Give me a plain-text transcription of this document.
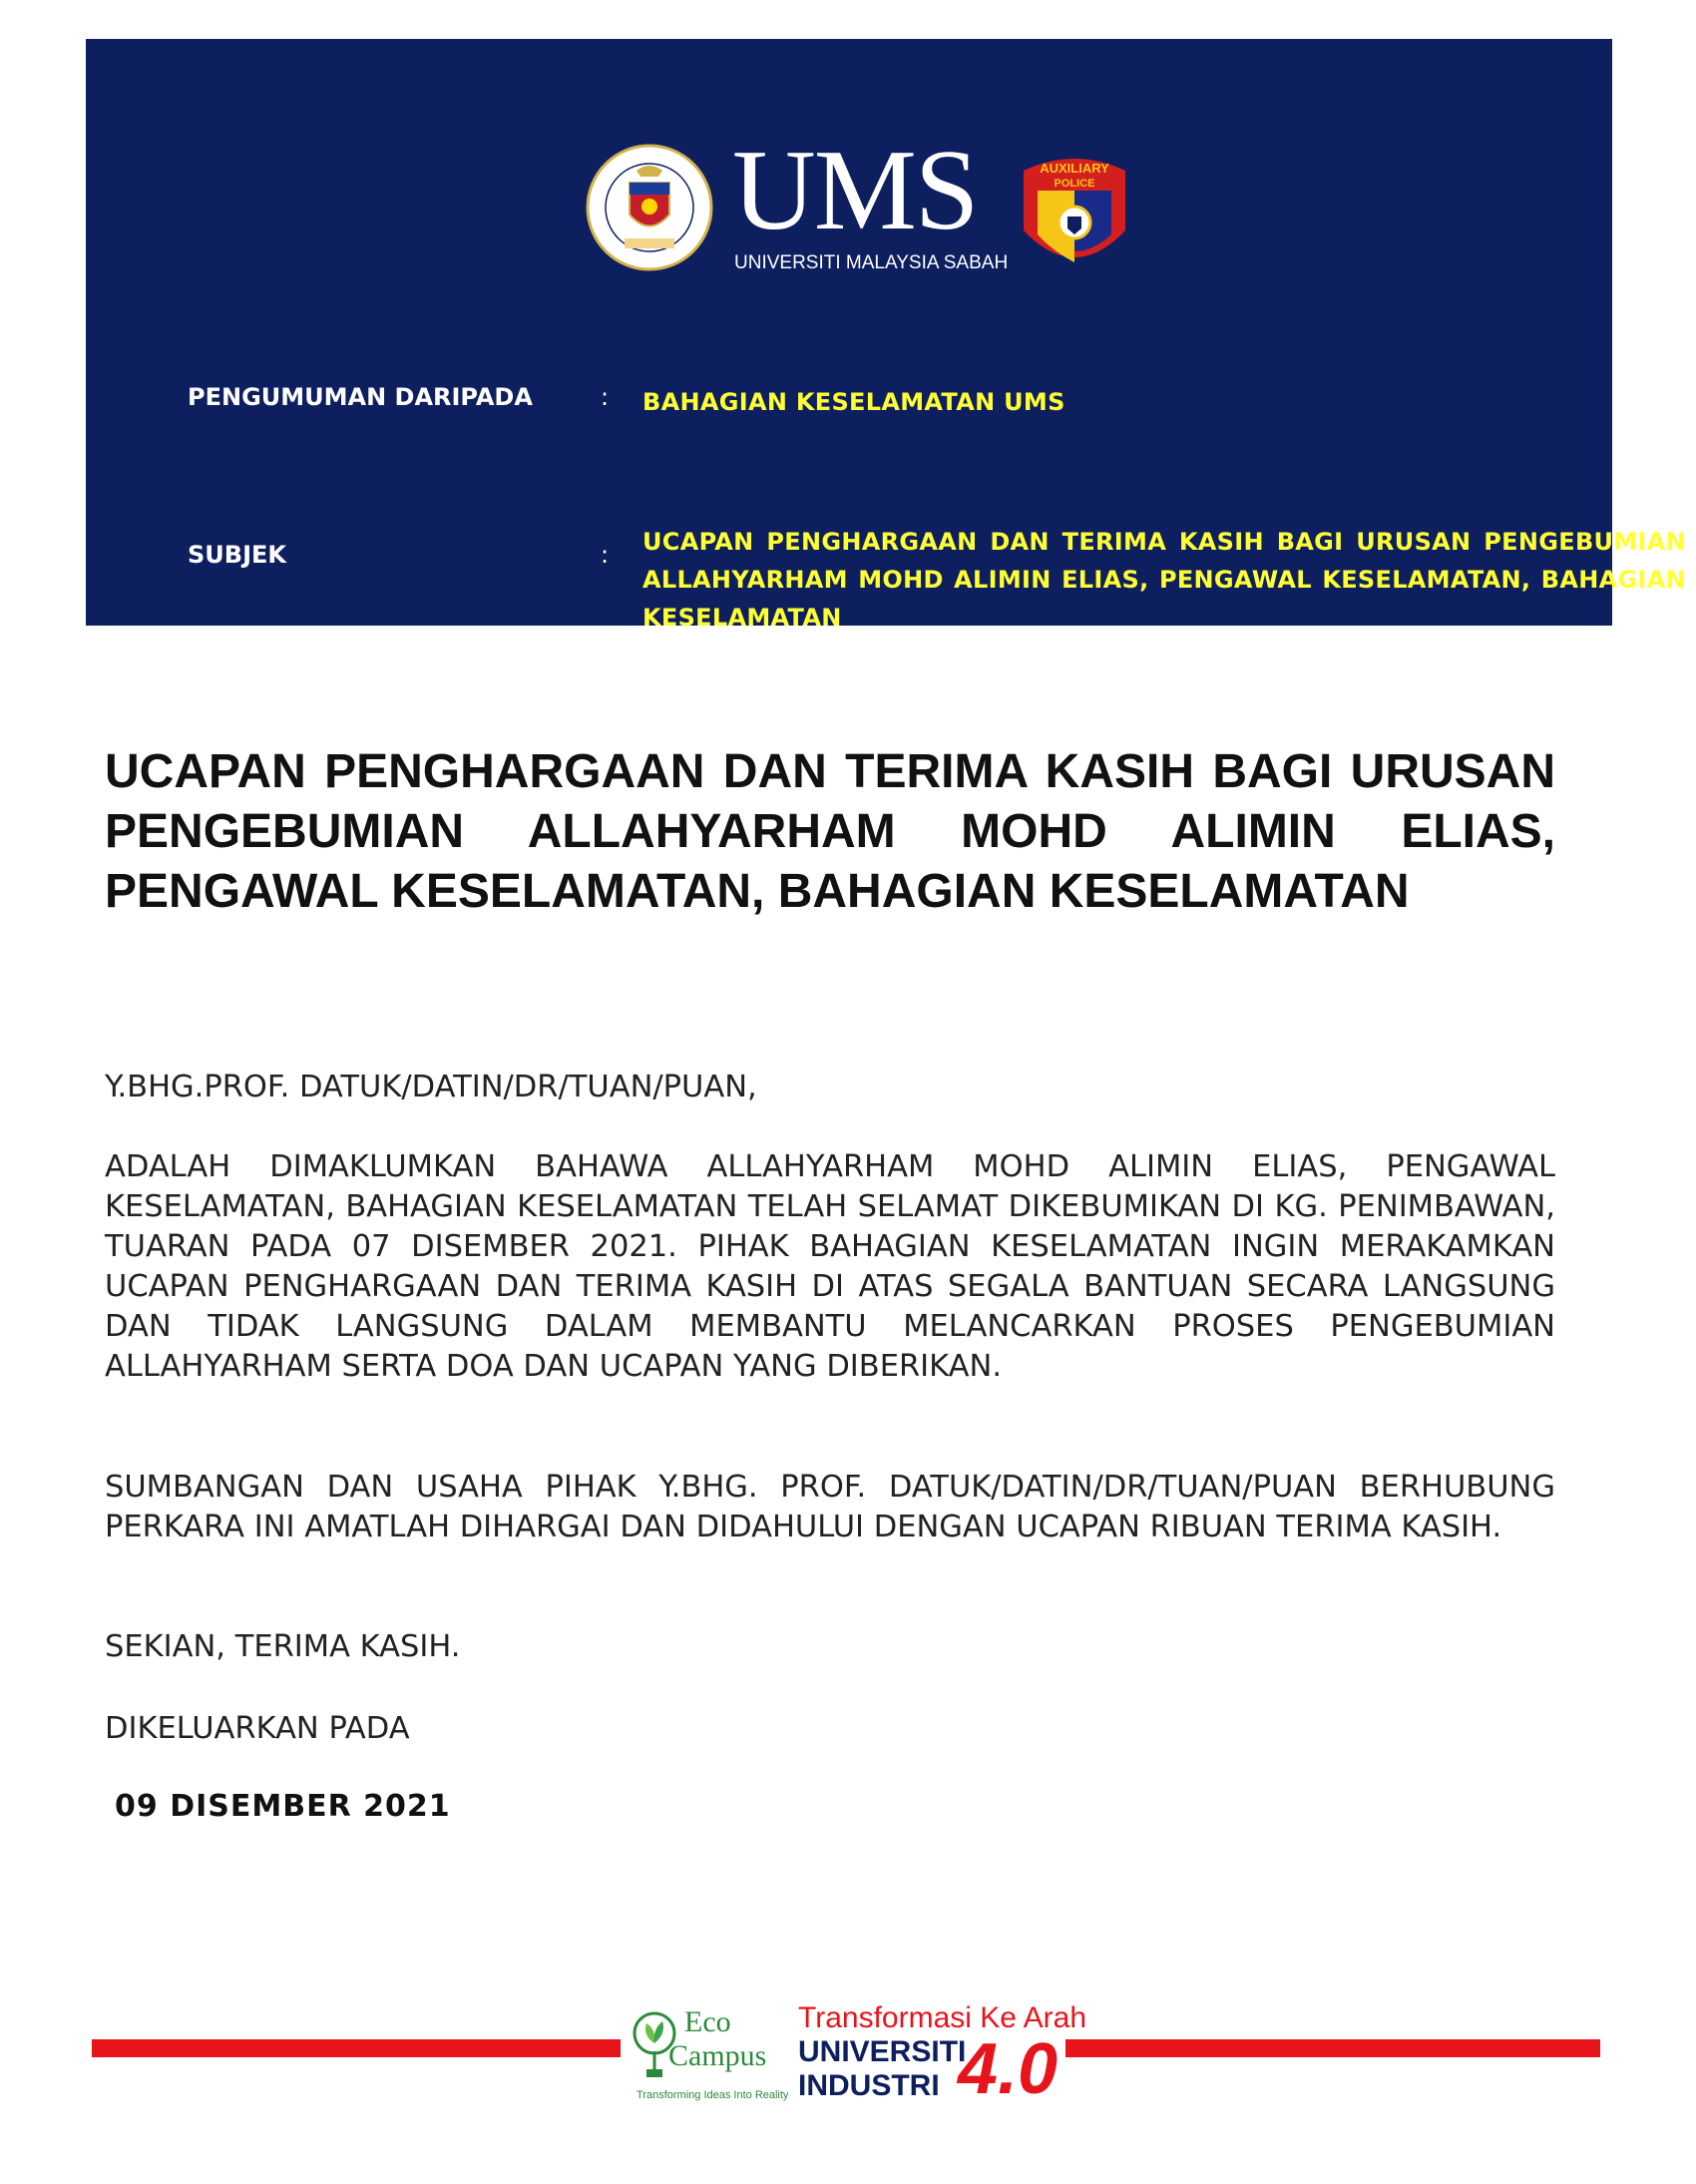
UMS
UNIVERSITI MALAYSIA SABAH
AUXILIARY
POLICE
PENGUMUMAN DARIPADA	: BAHAGIAN KESELAMATAN UMS
SUBJEK	: UCAPAN PENGHARGAAN DAN TERIMA KASIH BAGI URUSAN PENGEBUMIAN ALLAHYARHAM MOHD ALIMIN ELIAS, PENGAWAL KESELAMATAN, BAHAGIAN KESELAMATAN
UCAPAN PENGHARGAAN DAN TERIMA KASIH BAGI URUSAN PENGEBUMIAN ALLAHYARHAM MOHD ALIMIN ELIAS, PENGAWAL KESELAMATAN, BAHAGIAN KESELAMATAN

Y.BHG.PROF. DATUK/DATIN/DR/TUAN/PUAN,

ADALAH DIMAKLUMKAN BAHAWA ALLAHYARHAM MOHD ALIMIN ELIAS, PENGAWAL KESELAMATAN, BAHAGIAN KESELAMATAN TELAH SELAMAT DIKEBUMIKAN DI KG. PENIMBAWAN, TUARAN PADA 07 DISEMBER 2021. PIHAK BAHAGIAN KESELAMATAN INGIN MERAKAMKAN UCAPAN PENGHARGAAN DAN TERIMA KASIH DI ATAS SEGALA BANTUAN SECARA LANGSUNG DAN TIDAK LANGSUNG DALAM MEMBANTU MELANCARKAN PROSES PENGEBUMIAN ALLAHYARHAM SERTA DOA DAN UCAPAN YANG DIBERIKAN.

SUMBANGAN DAN USAHA PIHAK Y.BHG. PROF. DATUK/DATIN/DR/TUAN/PUAN BERHUBUNG PERKARA INI AMATLAH DIHARGAI DAN DIDAHULUI DENGAN UCAPAN RIBUAN TERIMA KASIH.

SEKIAN, TERIMA KASIH.

DIKELUARKAN PADA

09 DISEMBER 2021
Eco
Campus
Transforming Ideas Into Reality
Transformasi Ke Arah
UNIVERSITI
INDUSTRI 4.0
